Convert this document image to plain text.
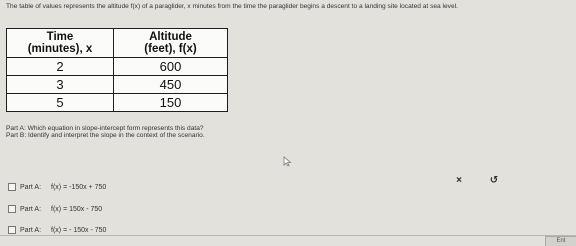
The table of values represents the altitude f(x) of a paraglider, x minutes from the time the paraglider begins a descent to a landing site located at sea level.
Time
(minutes), x	Altitude
(feet), f(x)

2	600
3	450
5	150
Part A: Which equation in slope-intercept form represents this data?
Part B: Identify and interpret the slope in the context of the scenario.
Part A: f(x) = -150x + 750
Part A: f(x) = 150x - 750
Part A: f(x) = - 150x - 750
×	↺
Ent
